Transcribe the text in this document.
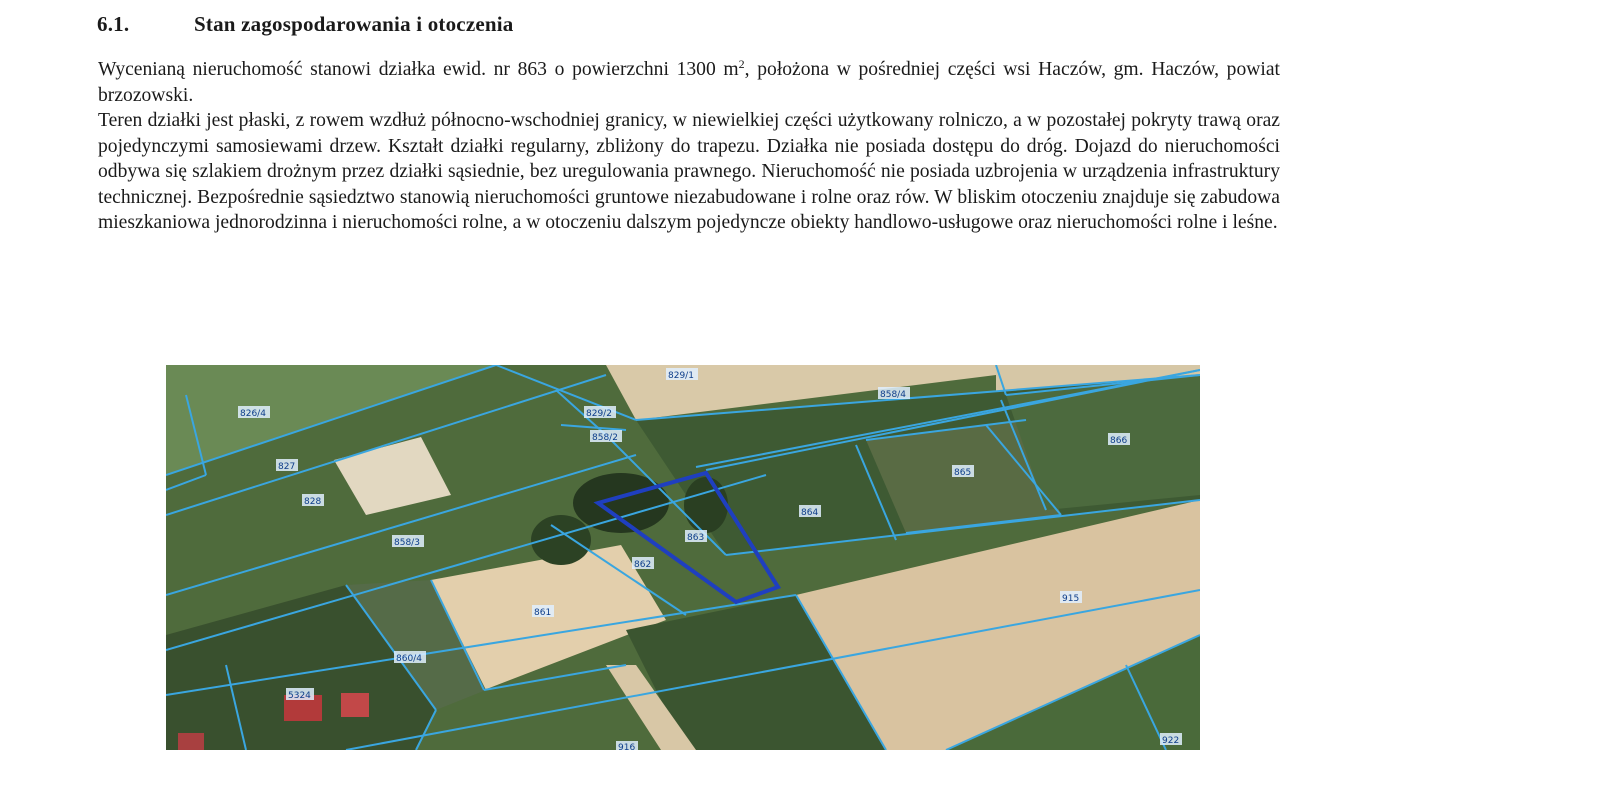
6.1.	Stan zagospodarowania i otoczenia

Wycenianą nieruchomość stanowi działka ewid. nr 863 o powierzchni 1300 $m^2$, położona w pośredniej części wsi Haczów, gm. Haczów, powiat brzozowski.

Teren działki jest płaski, z rowem wzdłuż północno-wschodniej granicy, w niewielkiej części użytkowany rolniczo, a w pozostałej pokryty trawą oraz pojedynczymi samosiewami drzew. Kształt działki regularny, zbliżony do trapezu. Działka nie posiada dostępu do dróg. Dojazd do nieruchomości odbywa się szlakiem drożnym przez działki sąsiednie, bez uregulowania prawnego. Nieruchomość nie posiada uzbrojenia w urządzenia infrastruktury technicznej. Bezpośrednie sąsiedztwo stanowią nieruchomości gruntowe niezabudowane i rolne oraz rów. W bliskim otoczeniu znajduje się zabudowa mieszkaniowa jednorodzinna i nieruchomości rolne, a w otoczeniu dalszym pojedyncze obiekty handlowo-usługowe oraz nieruchomości rolne i leśne.

829/1
858/4
826/4	829/2
858/2	866
827
865
828
864
863
858/3
862
861
915
860/4
5324
916
922
